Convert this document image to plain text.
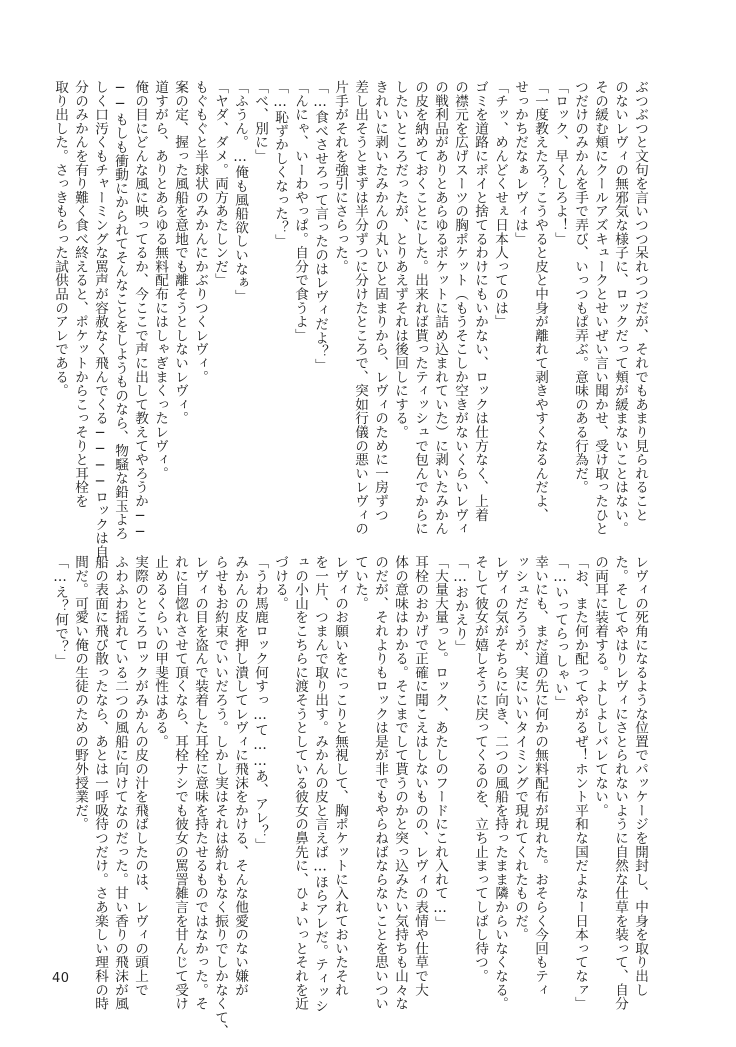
ぶつぶつと文句を言いつつ呆れつつだが、それでもあまり見られること

のないレヴィの無邪気な様子に、ロックだって頬が緩まないことはない。

その緩む頬にクールアズキュークとせいぜい言い聞かせ、受け取ったひと

つだけのみかんを手で弄び、いっつもぱ弄ぶ。意味のある行為だ。

「ロック、早くしろよ！」

「一度教えたろ？こうやると皮と中身が離れて剥きやすくなるんだよ、

せっかちだなぁレヴィは」

「チッ、めんどくせぇ日本人ってのは」

ゴミを道路にポイと捨てるわけにもいかない、ロックは仕方なく、上着

の襟元を広げスーツの胸ポケット（もうそこしか空きがないくらいレヴィ

の戦利品がありとあらゆるポケットに詰め込まれていた）に剥いたみかん

の皮を納めておくことにした。出来れば貰ったティッシュで包んでからに

したいところだったが、とりあえずそれは後回しにする。

きれいに剥いたみかんの丸いひと固まりから、レヴィのために一房ずつ

差し出そうとまずは半分ずつに分けたところで、突如行儀の悪いレヴィの

片手がそれを強引にさらった。

「…食べさせろって言ったのはレヴィだよ？」

「んにゃ、いーわやっぱ。自分で食うよ」

「…恥ずかしくなった？」

「べ、別に」

「ふうん。…俺も風船欲しいなぁ」

「ヤダ、ダメ。両方あたしンだ」

もぐもぐと半球状のみかんにかぶりつくレヴィ。

案の定、握った風船を意地でも離そうとしないレヴィ。

道すがら、ありとあらゆる無料配布にはしゃぎまくったレヴィ。

俺の目にどんな風に映ってるか、今ここで声に出して教えてやろうか──

──もしも衝動にかられてそんなことをしようものなら、物騒な鉛玉よろ

しく口汚くもチャーミングな罵声が容赦なく飛んでくる────ロックは自

分のみかんを有り難く食べ終えると、ポケットからこっそりと耳栓を

取り出した。さっきもらった試供品のアレである。

レヴィの死角になるような位置でパッケージを開封し、中身を取り出し

た。そしてやはりレヴィにさとられないように自然な仕草を装って、自分

の両耳に装着する。よしよしバレてない。

「お、また何か配ってやがるぜ！ホント平和な国だよなー日本ってなァ」

「…いってらっしゃい」

幸いにも、まだ道の先に何かの無料配布が現れた。おそらく今回もティ

ッシュだろうが、実にいいタイミングで現れてくれたものだ。

レヴィの気がそちらに向き、二つの風船を持ったまま隣からいなくなる。

そして彼女が嬉しそうに戻ってくるのを、立ち止まってしばし待つ。

「…おかえり」

「大量大量っと。ロック、あたしのフードにこれ入れて…」

耳栓のおかげで正確に聞こえはしないものの、レヴィの表情や仕草で大

体の意味はわかる。そこまでして貰うのかと突っ込みたい気持ちも山々な

のだが、それよりもロックは是が非でもやらねばならないことを思いつい

ていた。

レヴィのお願いをにっこりと無視して、胸ポケットに入れておいたそれ

を一片、つまんで取り出す。みかんの皮と言えば…ほらアレだ。ティッシ

ュの小山をこちらに渡そうとしている彼女の鼻先に、ひょいっとそれを近

づける。

「うわ馬鹿ロック何すっ…て……あ、アレ？」

みかんの皮を押し潰してレヴィに飛沫をかける、そんな他愛のない嫌が

らせもお約束でいいだろう。しかし実はそれは紛れもなく振りでしかなくて、

レヴィの目を盗んで装着した耳栓に意味を持たせるものではなかった。そ

れに自惚れさせて頂くなら、耳栓ナシでも彼女の罵詈雑言を甘んじて受け

止めるくらいの甲斐性はある。

実際のところロックがみかんの皮の汁を飛ばしたのは、レヴィの頭上で

ふわふわ揺れている二つの風船に向けてなのだった。甘い香りの飛沫が風

船の表面に飛び散ったなら、あとは一呼吸待つだけ。さあ楽しい理科の時

間だ。可愛い俺の生徒のための野外授業だ。

「…え？何で？」

40
